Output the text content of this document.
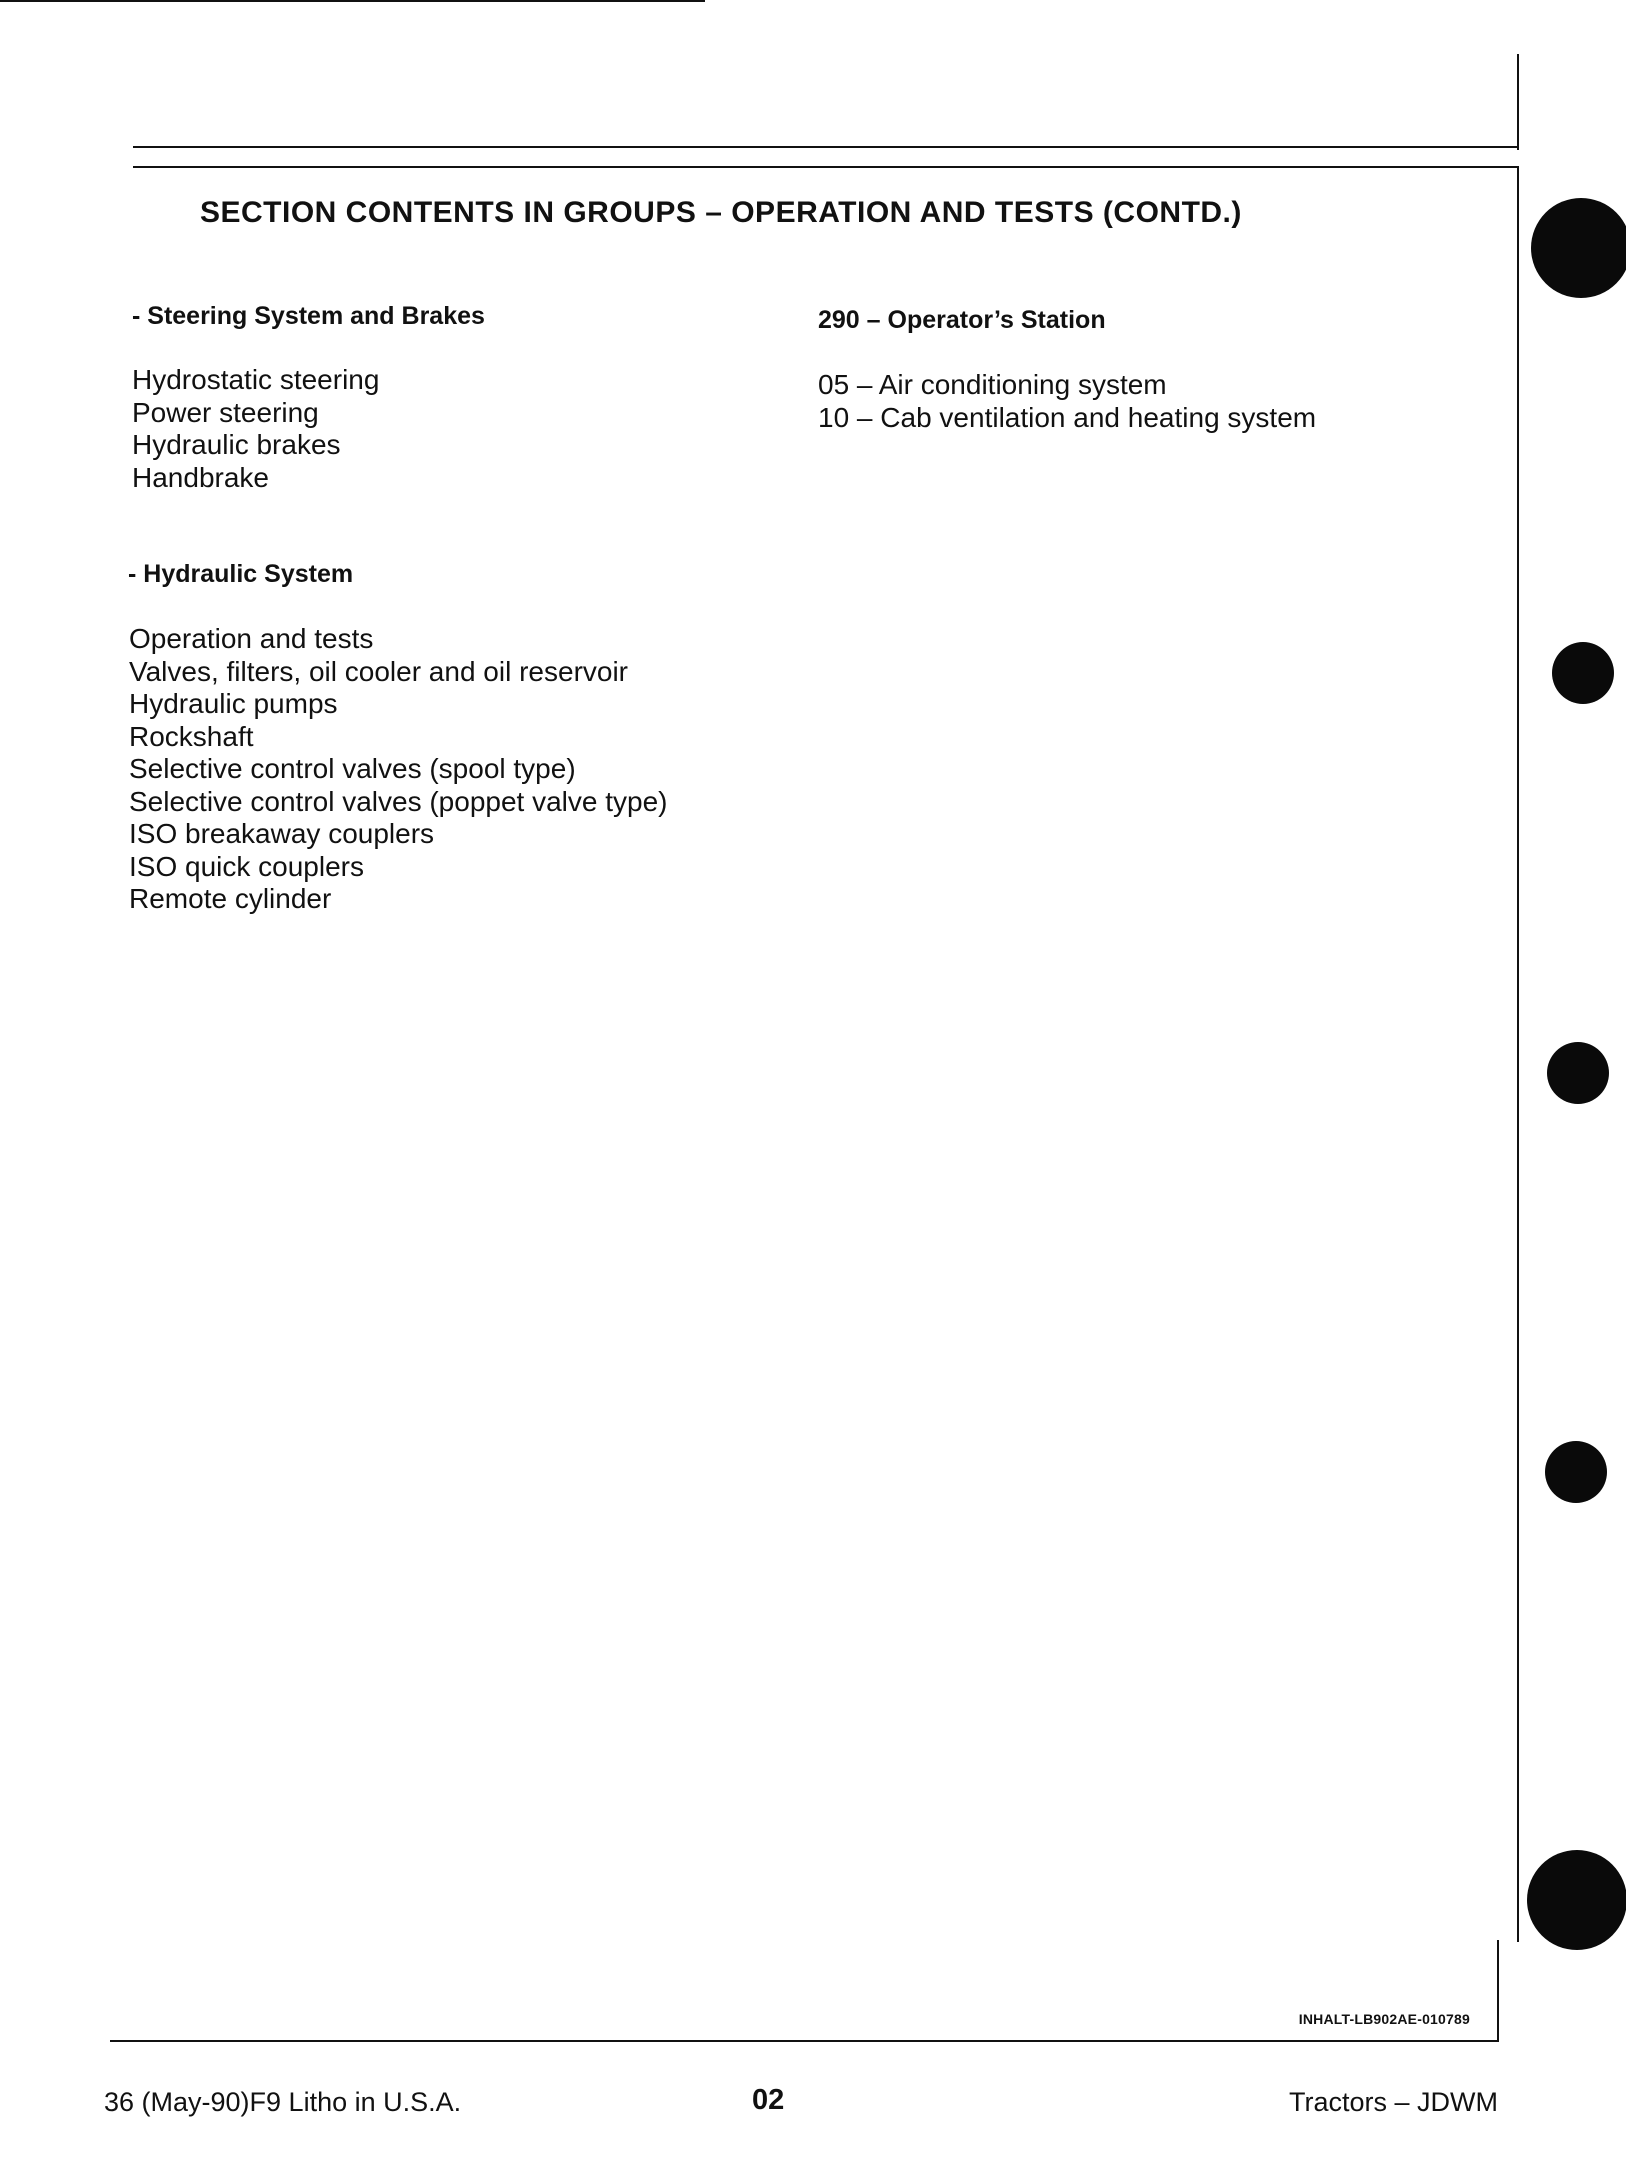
SECTION CONTENTS IN GROUPS – OPERATION AND TESTS (CONTD.)
- Steering System and Brakes
Hydrostatic steering
Power steering
Hydraulic brakes
Handbrake
- Hydraulic System
Operation and tests
Valves, filters, oil cooler and oil reservoir
Hydraulic pumps
Rockshaft
Selective control valves (spool type)
Selective control valves (poppet valve type)
ISO breakaway couplers
ISO quick couplers
Remote cylinder
290 – Operator’s Station
05 – Air conditioning system
10 – Cab ventilation and heating system
INHALT-LB902AE-010789
36 (May-90)F9 Litho in U.S.A.	02	Tractors – JDWM
